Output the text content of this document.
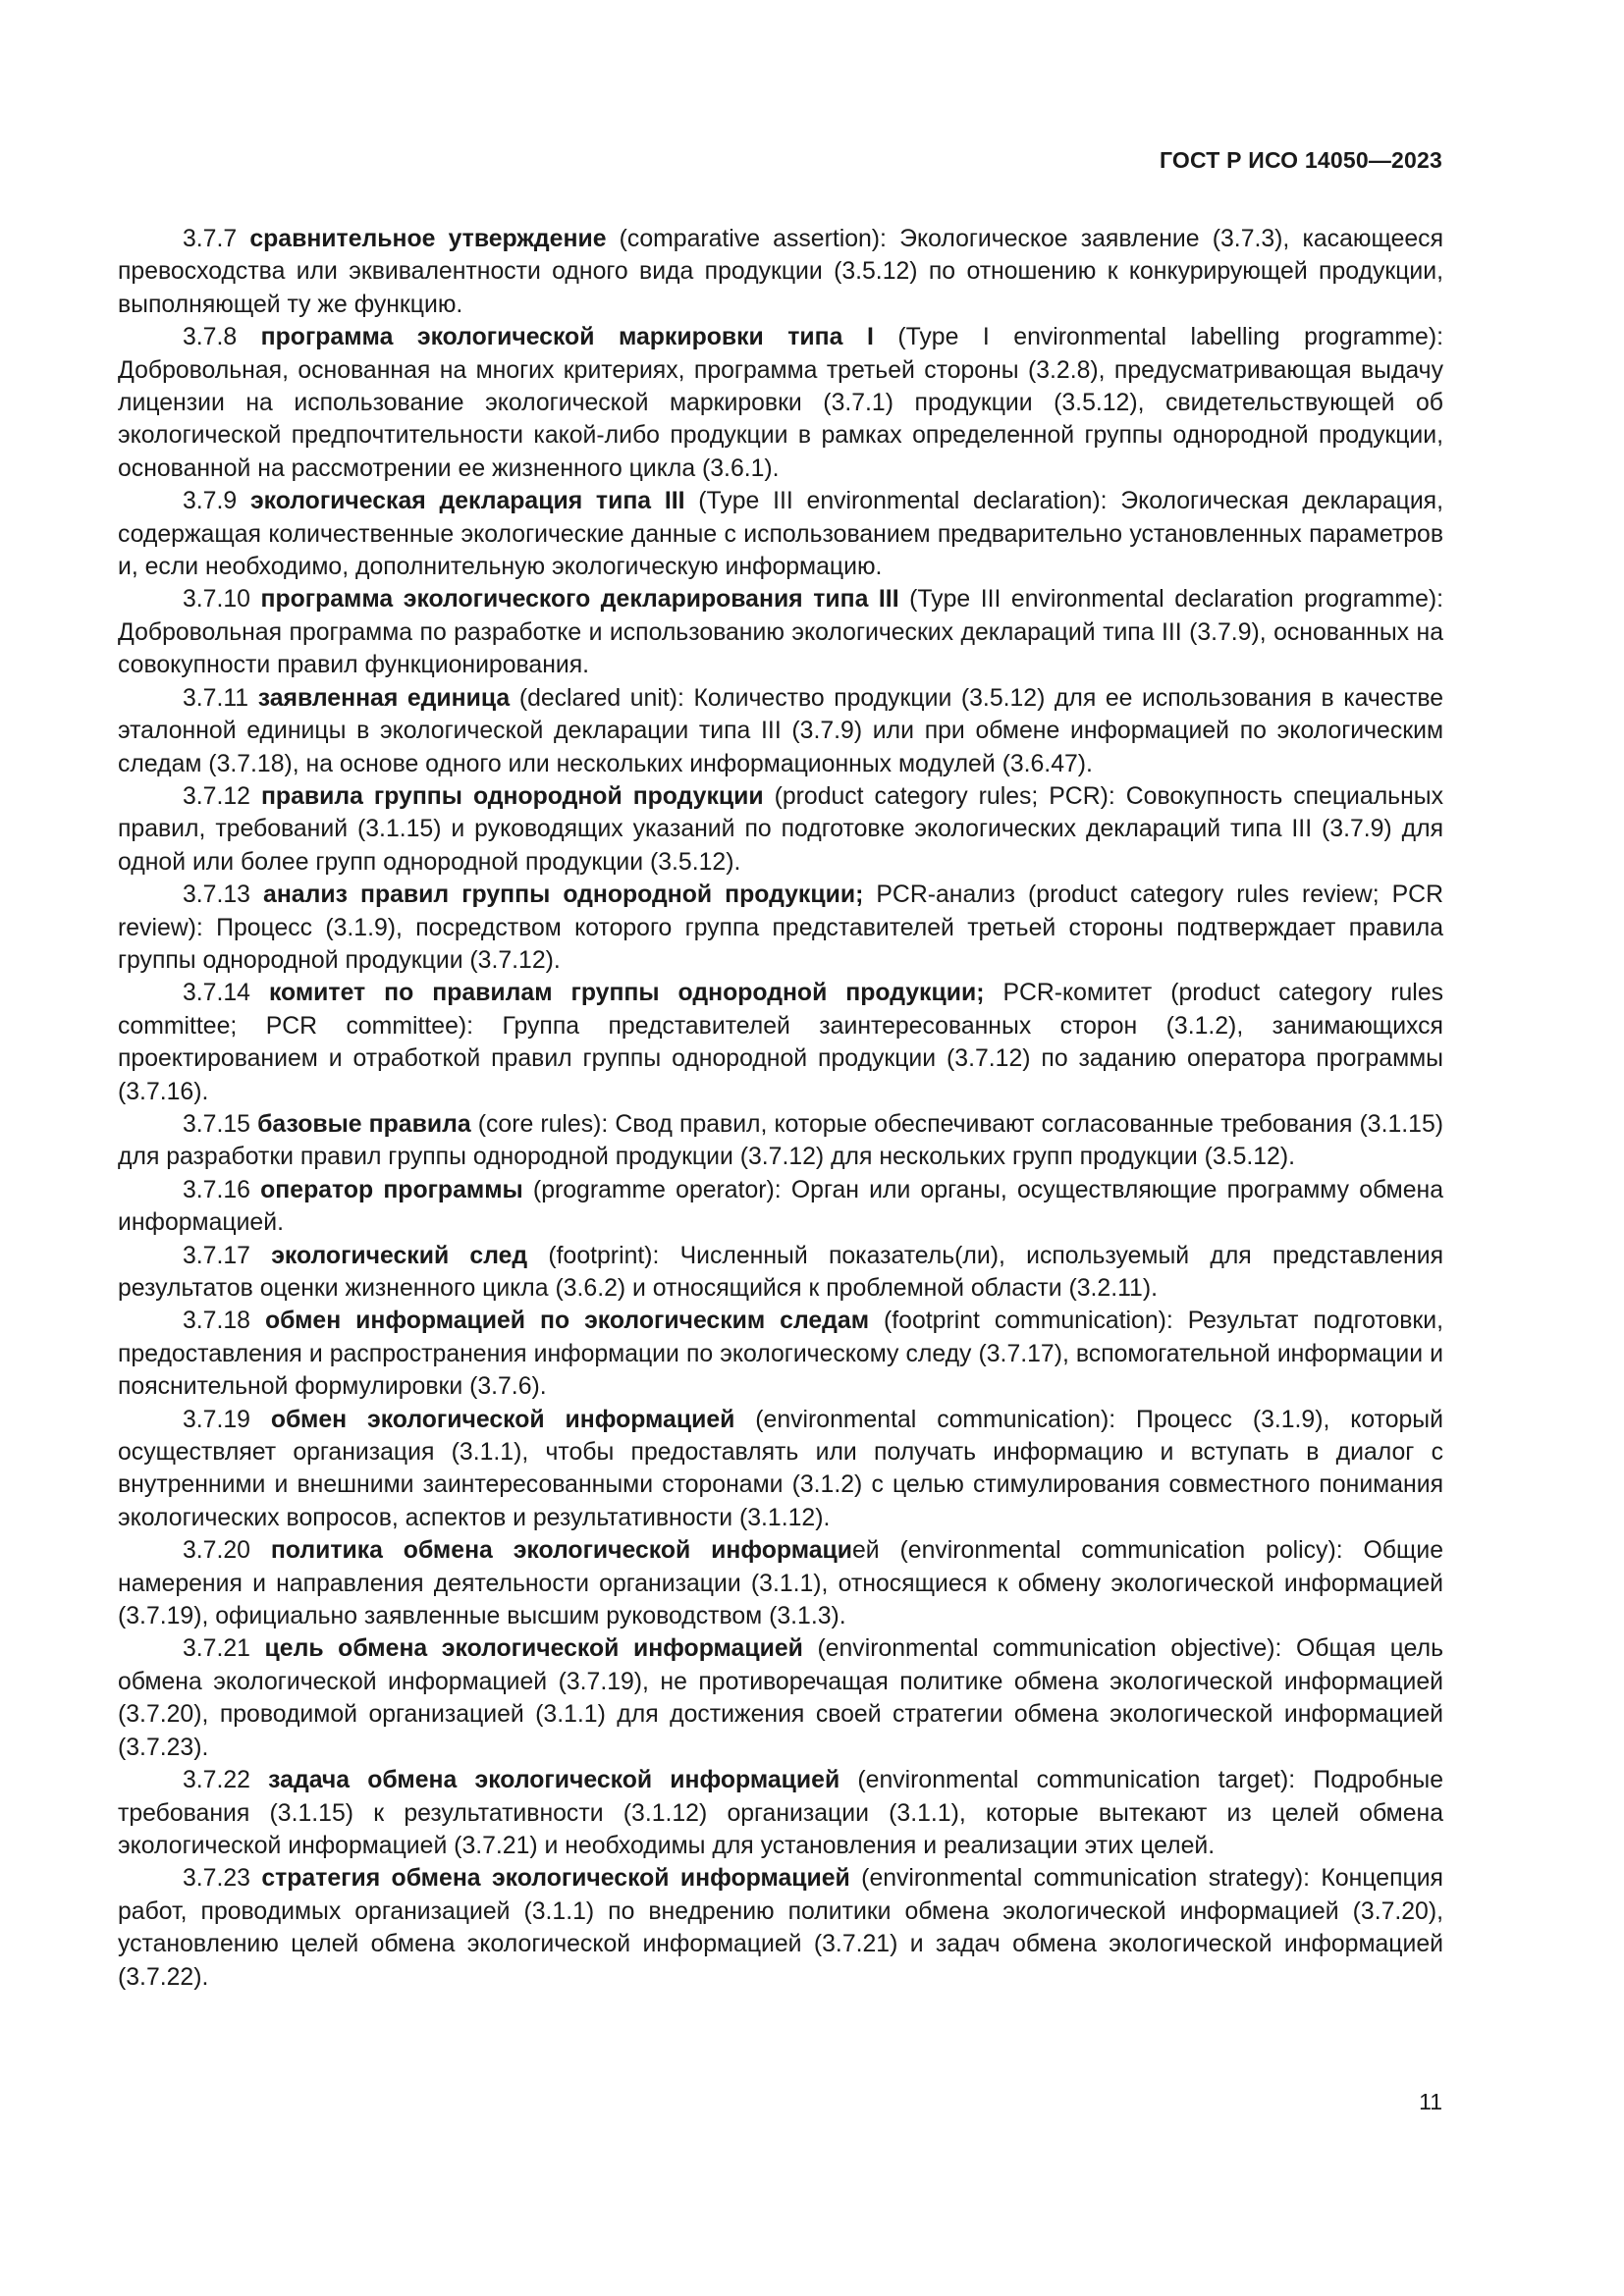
ГОСТ Р ИСО 14050—2023

3.7.7 сравнительное утверждение (comparative assertion): Экологическое заявление (3.7.3), касающееся превосходства или эквивалентности одного вида продукции (3.5.12) по отношению к конкурирующей продукции, выполняющей ту же функцию.

3.7.8 программа экологической маркировки типа I (Type I environmental labelling programme): Добровольная, основанная на многих критериях, программа третьей стороны (3.2.8), предусматривающая выдачу лицензии на использование экологической маркировки (3.7.1) продукции (3.5.12), свидетельствующей об экологической предпочтительности какой-либо продукции в рамках определенной группы однородной продукции, основанной на рассмотрении ее жизненного цикла (3.6.1).

3.7.9 экологическая декларация типа III (Type III environmental declaration): Экологическая декларация, содержащая количественные экологические данные с использованием предварительно установленных параметров и, если необходимо, дополнительную экологическую информацию.

3.7.10 программа экологического декларирования типа III (Type III environmental declaration programme): Добровольная программа по разработке и использованию экологических деклараций типа III (3.7.9), основанных на совокупности правил функционирования.

3.7.11 заявленная единица (declared unit): Количество продукции (3.5.12) для ее использования в качестве эталонной единицы в экологической декларации типа III (3.7.9) или при обмене информацией по экологическим следам (3.7.18), на основе одного или нескольких информационных модулей (3.6.47).

3.7.12 правила группы однородной продукции (product category rules; PCR): Совокупность специальных правил, требований (3.1.15) и руководящих указаний по подготовке экологических деклараций типа III (3.7.9) для одной или более групп однородной продукции (3.5.12).

3.7.13 анализ правил группы однородной продукции; PCR-анализ (product category rules review; PCR review): Процесс (3.1.9), посредством которого группа представителей третьей стороны подтверждает правила группы однородной продукции (3.7.12).

3.7.14 комитет по правилам группы однородной продукции; PCR-комитет (product category rules committee; PCR committee): Группа представителей заинтересованных сторон (3.1.2), занимающихся проектированием и отработкой правил группы однородной продукции (3.7.12) по заданию оператора программы (3.7.16).

3.7.15 базовые правила (core rules): Свод правил, которые обеспечивают согласованные требования (3.1.15) для разработки правил группы однородной продукции (3.7.12) для нескольких групп продукции (3.5.12).

3.7.16 оператор программы (programme operator): Орган или органы, осуществляющие программу обмена информацией.

3.7.17 экологический след (footprint): Численный показатель(ли), используемый для представления результатов оценки жизненного цикла (3.6.2) и относящийся к проблемной области (3.2.11).

3.7.18 обмен информацией по экологическим следам (footprint communication): Результат подготовки, предоставления и распространения информации по экологическому следу (3.7.17), вспомогательной информации и пояснительной формулировки (3.7.6).

3.7.19 обмен экологической информацией (environmental communication): Процесс (3.1.9), который осуществляет организация (3.1.1), чтобы предоставлять или получать информацию и вступать в диалог с внутренними и внешними заинтересованными сторонами (3.1.2) с целью стимулирования совместного понимания экологических вопросов, аспектов и результативности (3.1.12).

3.7.20 политика обмена экологической информацией (environmental communication policy): Общие намерения и направления деятельности организации (3.1.1), относящиеся к обмену экологической информацией (3.7.19), официально заявленные высшим руководством (3.1.3).

3.7.21 цель обмена экологической информацией (environmental communication objective): Общая цель обмена экологической информацией (3.7.19), не противоречащая политике обмена экологической информацией (3.7.20), проводимой организацией (3.1.1) для достижения своей стратегии обмена экологической информацией (3.7.23).

3.7.22 задача обмена экологической информацией (environmental communication target): Подробные требования (3.1.15) к результативности (3.1.12) организации (3.1.1), которые вытекают из целей обмена экологической информацией (3.7.21) и необходимы для установления и реализации этих целей.

3.7.23 стратегия обмена экологической информацией (environmental communication strategy): Концепция работ, проводимых организацией (3.1.1) по внедрению политики обмена экологической информацией (3.7.20), установлению целей обмена экологической информацией (3.7.21) и задач обмена экологической информацией (3.7.22).

11
